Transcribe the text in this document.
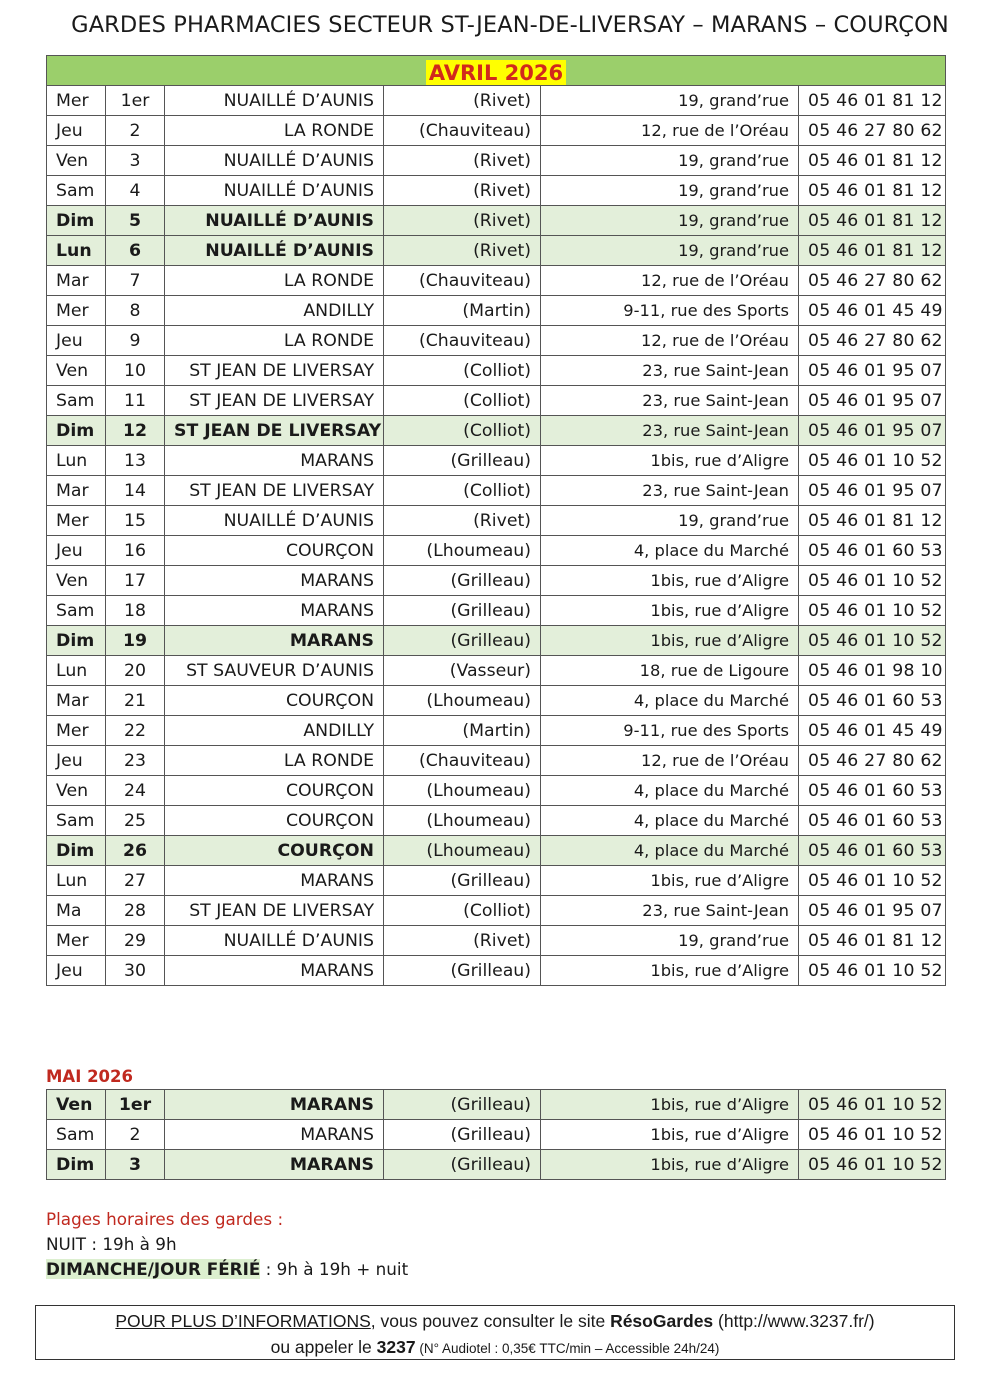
GARDES PHARMACIES SECTEUR ST-JEAN-DE-LIVERSAY – MARANS – COURÇON
AVRIL 2026					
Mer	1er	NUAILLÉ D’AUNIS	(Rivet)	19, grand’rue	05 46 01 81 12
Jeu	2	LA RONDE	(Chauviteau)	12, rue de l’Oréau	05 46 27 80 62
Ven	3	NUAILLÉ D’AUNIS	(Rivet)	19, grand’rue	05 46 01 81 12
Sam	4	NUAILLÉ D’AUNIS	(Rivet)	19, grand’rue	05 46 01 81 12
Dim	5	NUAILLÉ D’AUNIS	(Rivet)	19, grand’rue	05 46 01 81 12
Lun	6	NUAILLÉ D’AUNIS	(Rivet)	19, grand’rue	05 46 01 81 12
Mar	7	LA RONDE	(Chauviteau)	12, rue de l’Oréau	05 46 27 80 62
Mer	8	ANDILLY	(Martin)	9-11, rue des Sports	05 46 01 45 49
Jeu	9	LA RONDE	(Chauviteau)	12, rue de l’Oréau	05 46 27 80 62
Ven	10	ST JEAN DE LIVERSAY	(Colliot)	23, rue Saint-Jean	05 46 01 95 07
Sam	11	ST JEAN DE LIVERSAY	(Colliot)	23, rue Saint-Jean	05 46 01 95 07
Dim	12	ST JEAN DE LIVERSAY	(Colliot)	23, rue Saint-Jean	05 46 01 95 07
Lun	13	MARANS	(Grilleau)	1bis, rue d’Aligre	05 46 01 10 52
Mar	14	ST JEAN DE LIVERSAY	(Colliot)	23, rue Saint-Jean	05 46 01 95 07
Mer	15	NUAILLÉ D’AUNIS	(Rivet)	19, grand’rue	05 46 01 81 12
Jeu	16	COURÇON	(Lhoumeau)	4, place du Marché	05 46 01 60 53
Ven	17	MARANS	(Grilleau)	1bis, rue d’Aligre	05 46 01 10 52
Sam	18	MARANS	(Grilleau)	1bis, rue d’Aligre	05 46 01 10 52
Dim	19	MARANS	(Grilleau)	1bis, rue d’Aligre	05 46 01 10 52
Lun	20	ST SAUVEUR D’AUNIS	(Vasseur)	18, rue de Ligoure	05 46 01 98 10
Mar	21	COURÇON	(Lhoumeau)	4, place du Marché	05 46 01 60 53
Mer	22	ANDILLY	(Martin)	9-11, rue des Sports	05 46 01 45 49
Jeu	23	LA RONDE	(Chauviteau)	12, rue de l’Oréau	05 46 27 80 62
Ven	24	COURÇON	(Lhoumeau)	4, place du Marché	05 46 01 60 53
Sam	25	COURÇON	(Lhoumeau)	4, place du Marché	05 46 01 60 53
Dim	26	COURÇON	(Lhoumeau)	4, place du Marché	05 46 01 60 53
Lun	27	MARANS	(Grilleau)	1bis, rue d’Aligre	05 46 01 10 52
Ma	28	ST JEAN DE LIVERSAY	(Colliot)	23, rue Saint-Jean	05 46 01 95 07
Mer	29	NUAILLÉ D’AUNIS	(Rivet)	19, grand’rue	05 46 01 81 12
Jeu	30	MARANS	(Grilleau)	1bis, rue d’Aligre	05 46 01 10 52
MAI 2026
Ven	1er	MARANS	(Grilleau)	1bis, rue d’Aligre	05 46 01 10 52
Sam	2	MARANS	(Grilleau)	1bis, rue d’Aligre	05 46 01 10 52
Dim	3	MARANS	(Grilleau)	1bis, rue d’Aligre	05 46 01 10 52
Plages horaires des gardes :
NUIT : 19h à 9h
DIMANCHE/JOUR FÉRIÉ : 9h à 19h + nuit
POUR PLUS D’INFORMATIONS, vous pouvez consulter le site RésoGardes (http://www.3237.fr/)
ou appeler le 3237 (N° Audiotel : 0,35€ TTC/min – Accessible 24h/24)
